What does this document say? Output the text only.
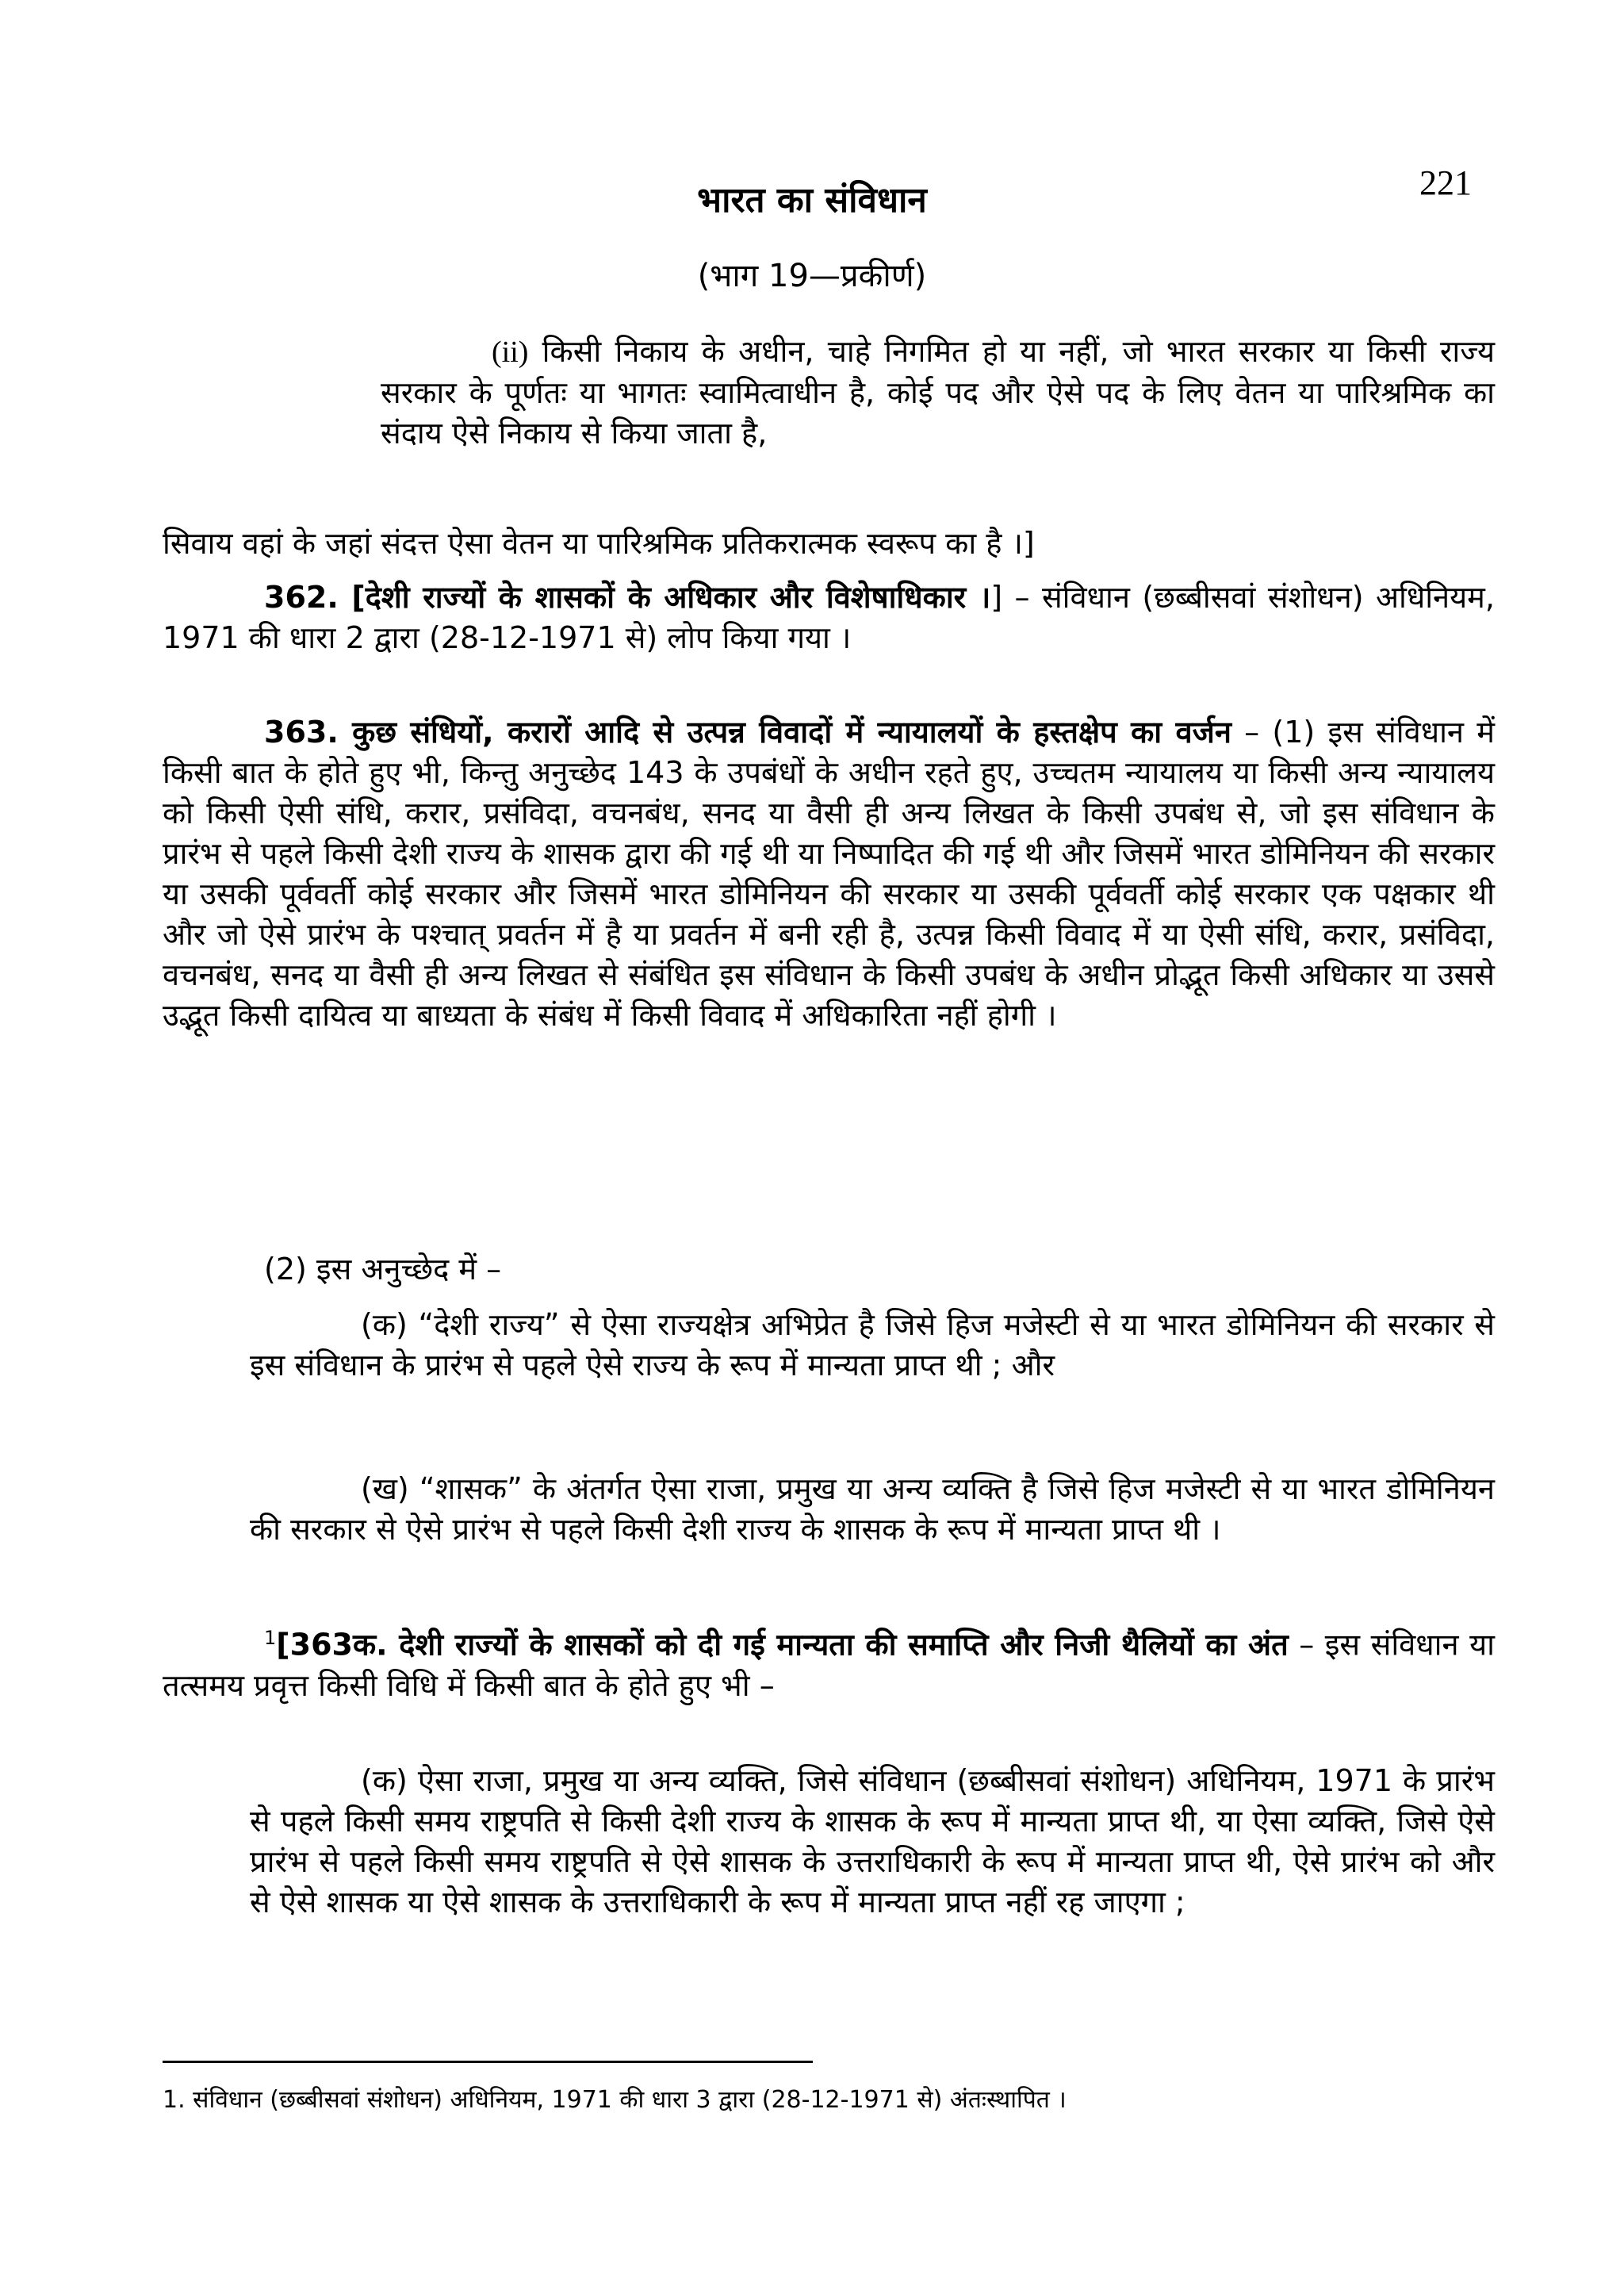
221
भारत का संविधान
(भाग 19—प्रकीर्ण)
(ii) किसी निकाय के अधीन, चाहे निगमित हो या नहीं, जो भारत सरकार या किसी राज्य सरकार के पूर्णतः या भागतः स्वामित्वाधीन है, कोई पद और ऐसे पद के लिए वेतन या पारिश्रमिक का संदाय ऐसे निकाय से किया जाता है,
सिवाय वहां के जहां संदत्त ऐसा वेतन या पारिश्रमिक प्रतिकरात्मक स्वरूप का है ।]
362. [देशी राज्यों के शासकों के अधिकार और विशेषाधिकार ।] – संविधान (छब्बीसवां संशोधन) अधिनियम, 1971 की धारा 2 द्वारा (28-12-1971 से) लोप किया गया ।
363. कुछ संधियों, करारों आदि से उत्पन्न विवादों में न्यायालयों के हस्तक्षेप का वर्जन – (1) इस संविधान में किसी बात के होते हुए भी, किन्तु अनुच्छेद 143 के उपबंधों के अधीन रहते हुए, उच्चतम न्यायालय या किसी अन्य न्यायालय को किसी ऐसी संधि, करार, प्रसंविदा, वचनबंध, सनद या वैसी ही अन्य लिखत के किसी उपबंध से, जो इस संविधान के प्रारंभ से पहले किसी देशी राज्य के शासक द्वारा की गई थी या निष्पादित की गई थी और जिसमें भारत डोमिनियन की सरकार या उसकी पूर्ववर्ती कोई सरकार और जिसमें भारत डोमिनियन की सरकार या उसकी पूर्ववर्ती कोई सरकार एक पक्षकार थी और जो ऐसे प्रारंभ के पश्चात् प्रवर्तन में है या प्रवर्तन में बनी रही है, उत्पन्न किसी विवाद में या ऐसी संधि, करार, प्रसंविदा, वचनबंध, सनद या वैसी ही अन्य लिखत से संबंधित इस संविधान के किसी उपबंध के अधीन प्रोद्भूत किसी अधिकार या उससे उद्भूत किसी दायित्व या बाध्यता के संबंध में किसी विवाद में अधिकारिता नहीं होगी ।
(2) इस अनुच्छेद में –
(क) “देशी राज्य” से ऐसा राज्यक्षेत्र अभिप्रेत है जिसे हिज मजेस्टी से या भारत डोमिनियन की सरकार से इस संविधान के प्रारंभ से पहले ऐसे राज्य के रूप में मान्यता प्राप्त थी ; और
(ख) “शासक” के अंतर्गत ऐसा राजा, प्रमुख या अन्य व्यक्ति है जिसे हिज मजेस्टी से या भारत डोमिनियन की सरकार से ऐसे प्रारंभ से पहले किसी देशी राज्य के शासक के रूप में मान्यता प्राप्त थी ।
$^1$[363क. देशी राज्यों के शासकों को दी गई मान्यता की समाप्ति और निजी थैलियों का अंत – इस संविधान या तत्समय प्रवृत्त किसी विधि में किसी बात के होते हुए भी –
(क) ऐसा राजा, प्रमुख या अन्य व्यक्ति, जिसे संविधान (छब्बीसवां संशोधन) अधिनियम, 1971 के प्रारंभ से पहले किसी समय राष्ट्रपति से किसी देशी राज्य के शासक के रूप में मान्यता प्राप्त थी, या ऐसा व्यक्ति, जिसे ऐसे प्रारंभ से पहले किसी समय राष्ट्रपति से ऐसे शासक के उत्तराधिकारी के रूप में मान्यता प्राप्त थी, ऐसे प्रारंभ को और से ऐसे शासक या ऐसे शासक के उत्तराधिकारी के रूप में मान्यता प्राप्त नहीं रह जाएगा ;
1. संविधान (छब्बीसवां संशोधन) अधिनियम, 1971 की धारा 3 द्वारा (28-12-1971 से) अंतःस्थापित ।
